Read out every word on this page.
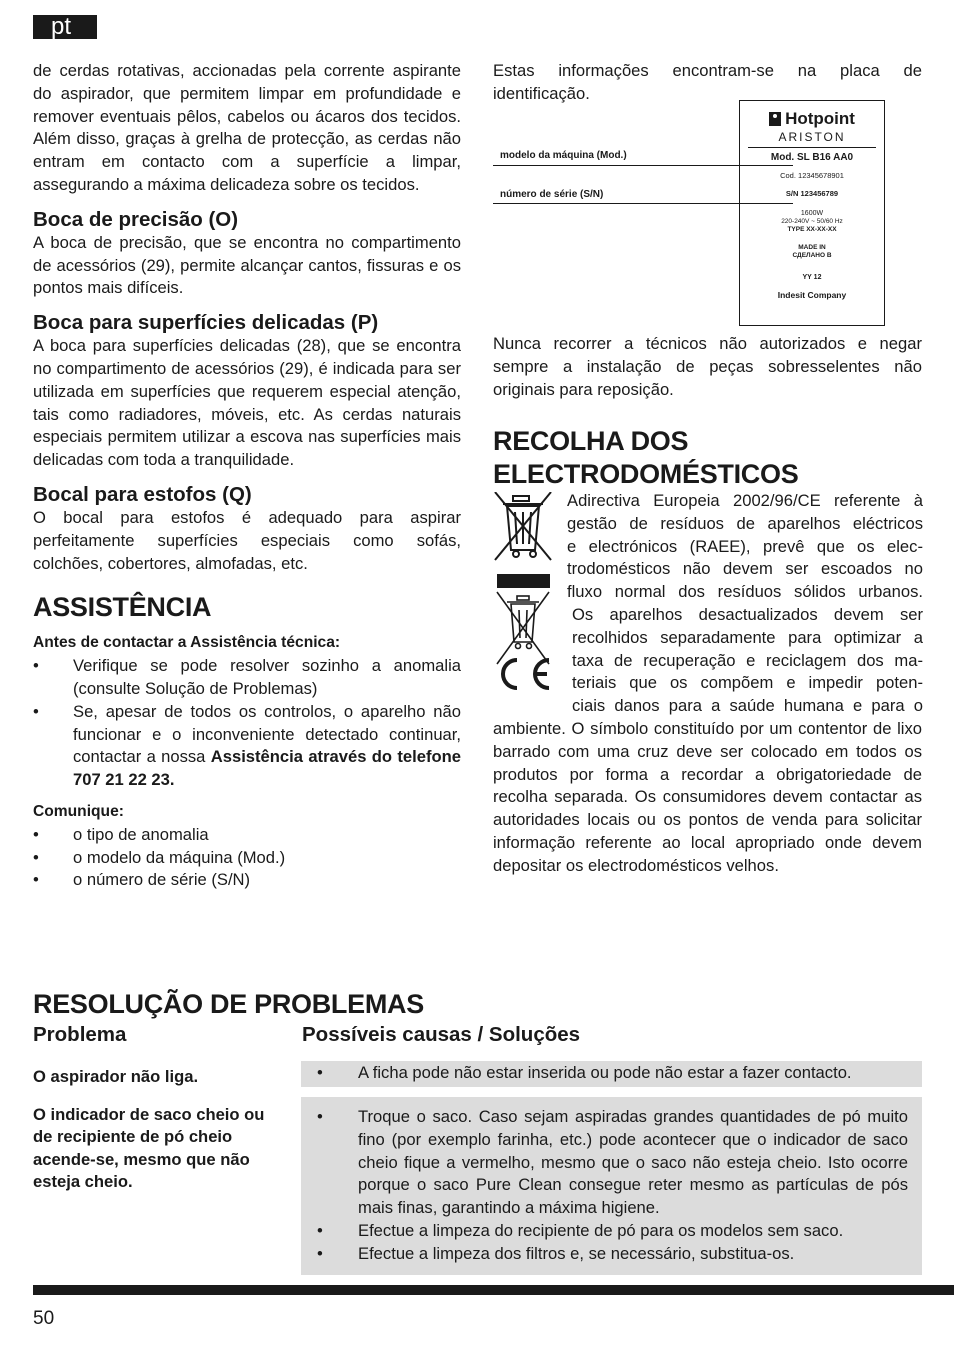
pt

de cerdas rotativas, accionadas pela corrente aspirante do aspirador, que permitem limpar em profundidade e remover eventuais pêlos, cabelos ou ácaros dos tecidos. Além disso, graças à grelha de protecção, as cerdas não entram em contacto com a superfície a limpar, assegurando a máxima delicadeza sobre os tecidos.

Boca de precisão (O)

A boca de precisão, que se encontra no compartimento de acessórios (29), permite alcançar cantos, fissuras e os pontos mais difíceis.

Boca para superfícies delicadas (P)

A boca para superfícies delicadas (28), que se encontra no compartimento de acessórios (29), é indicada para ser utilizada em superfícies que requerem especial atenção, tais como radiadores, móveis, etc. As cerdas naturais especiais permitem utilizar a escova nas superfícies mais delicadas com toda a tranquilidade.

Bocal para estofos (Q)

O bocal para estofos é adequado para aspirar perfeitamente superfícies especiais como sofás, colchões, cobertores, almofadas, etc.

ASSISTÊNCIA

Antes de contactar a Assistência técnica:

• Verifique se pode resolver sozinho a anomalia (consulte Solução de Problemas)
• Se, apesar de todos os controlos, o aparelho não funcionar e o inconveniente detectado continuar, contactar a nossa Assistência através do telefone 707 21 22 23.

Comunique:

• o tipo de anomalia
• o modelo da máquina (Mod.)
• o número de série (S/N)
Estas informações encontram-se na placa de identificação.
modelo da máquina (Mod.)
número de série (S/N)
Hotpoint
ARISTON
Mod. SL B16 AA0
Cod. 12345678901
S/N 123456789
1600W
220-240V ~ 50/60 Hz
TYPE XX-XX-XX
MADE IN
СДЕЛАНО В
YY 12
Indesit Company
Nunca recorrer a técnicos não autorizados e negar sempre a instalação de peças sobresselentes não originais para reposição.
RECOLHA DOS
ELECTRODOMÉSTICOS
Adirectiva Europeia 2002/96/CE referente à
gestão de resíduos de aparelhos eléctricos
e electrónicos (RAEE), prevê que os elec-
trodomésticos não devem ser escoados no
fluxo normal dos resíduos sólidos urbanos.
Os aparelhos desactualizados devem ser
recolhidos separadamente para optimizar a
taxa de recuperação e reciclagem dos ma-
teriais que os compõem e impedir poten-
ciais danos para a saúde humana e para o
ambiente. O símbolo constituído por um contentor de lixo barrado com uma cruz deve ser colocado em todos os produtos por forma a recordar a obrigatoriedade de recolha separada. Os consumidores devem contactar as autoridades locais ou os pontos de venda para solicitar informação referente ao local apropriado onde devem depositar os electrodomésticos velhos.
RESOLUÇÃO DE PROBLEMAS
Problema	Possíveis causas / Soluções
O aspirador não liga.
•	A ficha pode não estar inserida ou pode não estar a fazer contacto.
O indicador de saco cheio ou de recipiente de pó cheio acende-se, mesmo que não esteja cheio.
• Troque o saco. Caso sejam aspiradas grandes quantidades de pó muito fino (por exemplo farinha, etc.) pode acontecer que o indicador de saco cheio fique a vermelho, mesmo que o saco não esteja cheio. Isto ocorre porque o saco Pure Clean consegue reter mesmo as partículas de pós mais finas, garantindo a máxima higiene.
• Efectue a limpeza do recipiente de pó para os modelos sem saco.
• Efectue a limpeza dos filtros e, se necessário, substitua-os.
50
